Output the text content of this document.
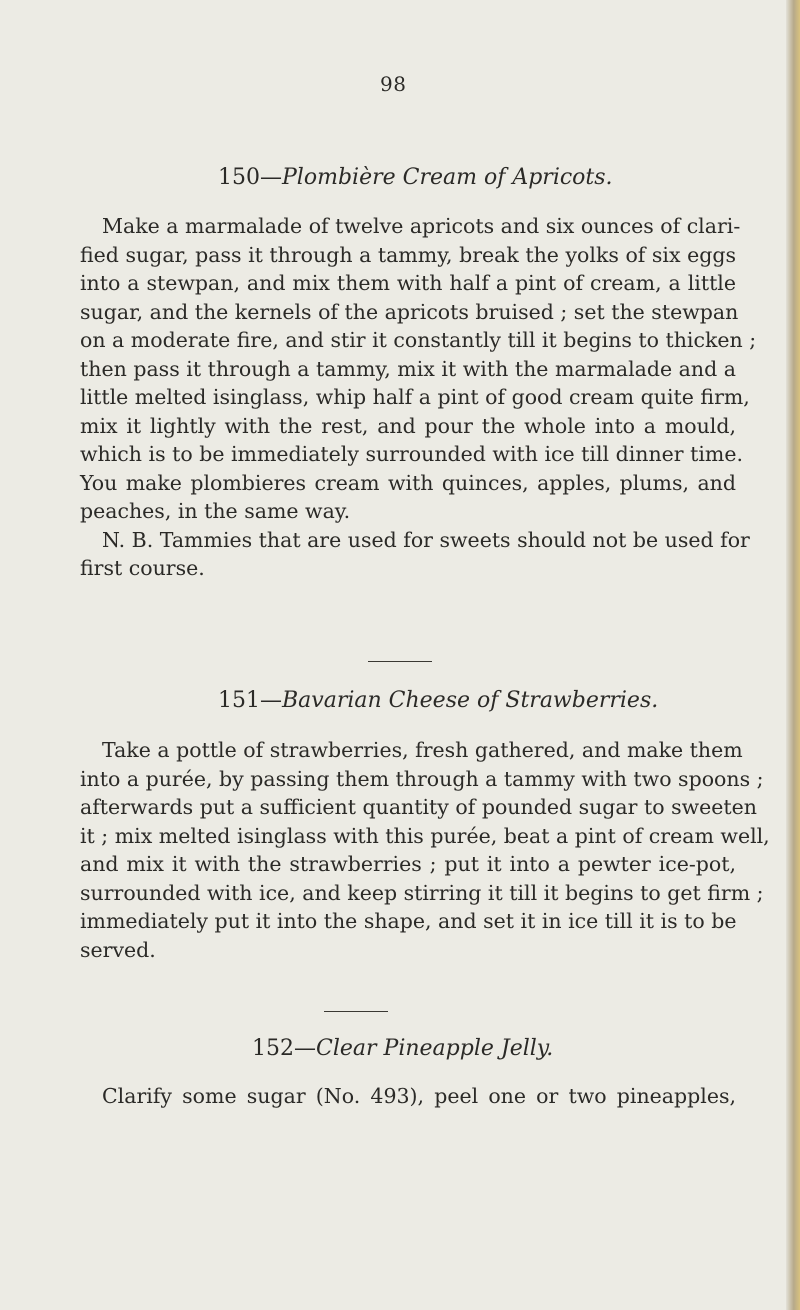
98
150—Plombière Cream of Apricots.

Make a marmalade of twelve apricots and six ounces of clari-
fied sugar, pass it through a tammy, break the yolks of six eggs
into a stewpan, and mix them with half a pint of cream, a little
sugar, and the kernels of the apricots bruised ; set the stewpan
on a moderate fire, and stir it constantly till it begins to thicken ;
then pass it through a tammy, mix it with the marmalade and a
little melted isinglass, whip half a pint of good cream quite firm,
mix it lightly with the rest, and pour the whole into a mould,
which is to be immediately surrounded with ice till dinner time.
You make plombieres cream with quinces, apples, plums, and
peaches, in the same way.
N. B. Tammies that are used for sweets should not be used for
first course.

151—Bavarian Cheese of Strawberries.

Take a pottle of strawberries, fresh gathered, and make them
into a purée, by passing them through a tammy with two spoons ;
afterwards put a sufficient quantity of pounded sugar to sweeten
it ; mix melted isinglass with this purée, beat a pint of cream well,
and mix it with the strawberries ; put it into a pewter ice-pot,
surrounded with ice, and keep stirring it till it begins to get firm ;
immediately put it into the shape, and set it in ice till it is to be
served.

152—Clear Pineapple Jelly.

Clarify some sugar (No. 493), peel one or two pineapples,
